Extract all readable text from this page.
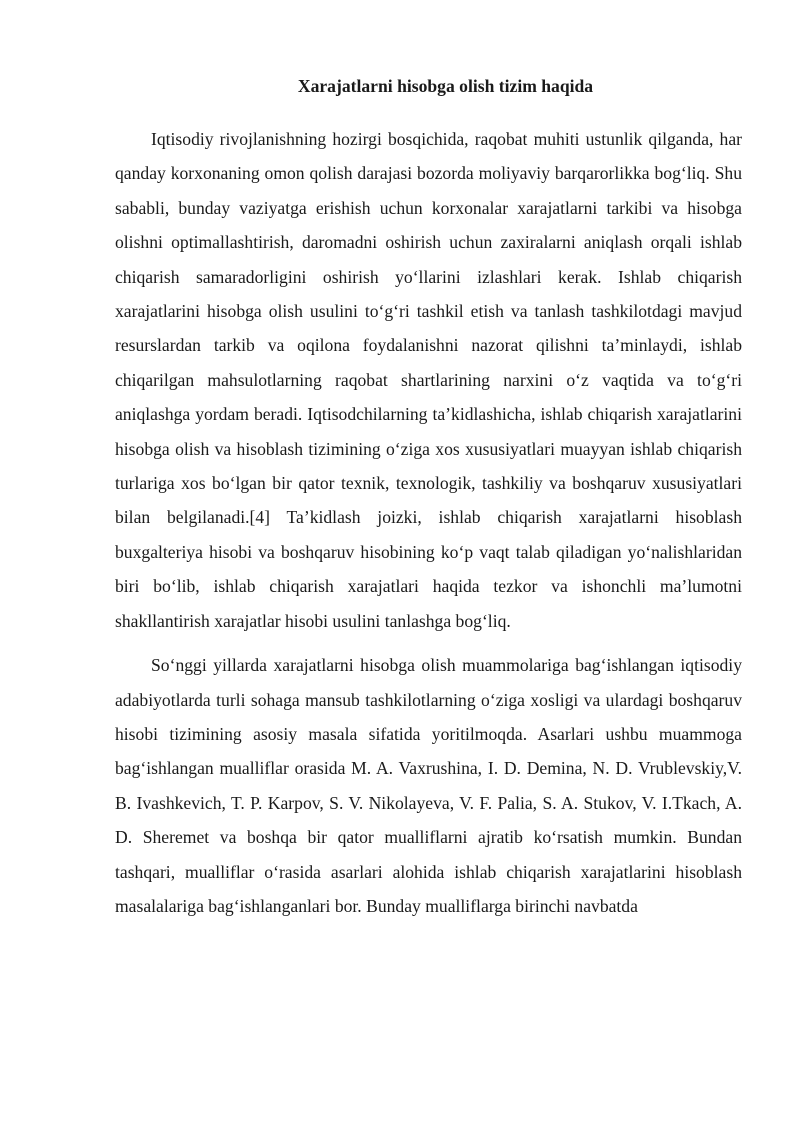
Xarajatlarni hisobga olish tizim haqida

Iqtisodiy rivojlanishning hozirgi bosqichida, raqobat muhiti ustunlik qilganda, har qanday korxonaning omon qolish darajasi bozorda moliyaviy barqarorlikka bog‘liq. Shu sababli, bunday vaziyatga erishish uchun korxonalar xarajatlarni tarkibi va hisobga olishni optimallashtirish, daromadni oshirish uchun zaxiralarni aniqlash orqali ishlab chiqarish samaradorligini oshirish yo‘llarini izlashlari kerak. Ishlab chiqarish xarajatlarini hisobga olish usulini to‘g‘ri tashkil etish va tanlash tashkilotdagi mavjud resurslardan tarkib va oqilona foydalanishni nazorat qilishni ta’minlaydi, ishlab chiqarilgan mahsulotlarning raqobat shartlarining narxini o‘z vaqtida va to‘g‘ri aniqlashga yordam beradi. Iqtisodchilarning ta’kidlashicha, ishlab chiqarish xarajatlarini hisobga olish va hisoblash tizimining o‘ziga xos xususiyatlari muayyan ishlab chiqarish turlariga xos bo‘lgan bir qator texnik, texnologik, tashkiliy va boshqaruv xususiyatlari bilan belgilanadi.[4] Ta’kidlash joizki, ishlab chiqarish xarajatlarni hisoblash buxgalteriya hisobi va boshqaruv hisobining ko‘p vaqt talab qiladigan yo‘nalishlaridan biri bo‘lib, ishlab chiqarish xarajatlari haqida tezkor va ishonchli ma’lumotni shakllantirish xarajatlar hisobi usulini tanlashga bog‘liq.

So‘nggi yillarda xarajatlarni hisobga olish muammolariga bag‘ishlangan iqtisodiy adabiyotlarda turli sohaga mansub tashkilotlarning o‘ziga xosligi va ulardagi boshqaruv hisobi tizimining asosiy masala sifatida yoritilmoqda. Asarlari ushbu muammoga bag‘ishlangan mualliflar orasida M. A. Vaxrushina, I. D. Demina, N. D. Vrublevskiy,V. B. Ivashkevich, T. P. Karpov, S. V. Nikolayeva, V. F. Palia, S. A. Stukov, V. I.Tkach, A. D. Sheremet va boshqa bir qator mualliflarni ajratib ko‘rsatish mumkin. Bundan tashqari, mualliflar o‘rasida asarlari alohida ishlab chiqarish xarajatlarini hisoblash masalalariga bag‘ishlanganlari bor. Bunday mualliflarga birinchi navbatda
